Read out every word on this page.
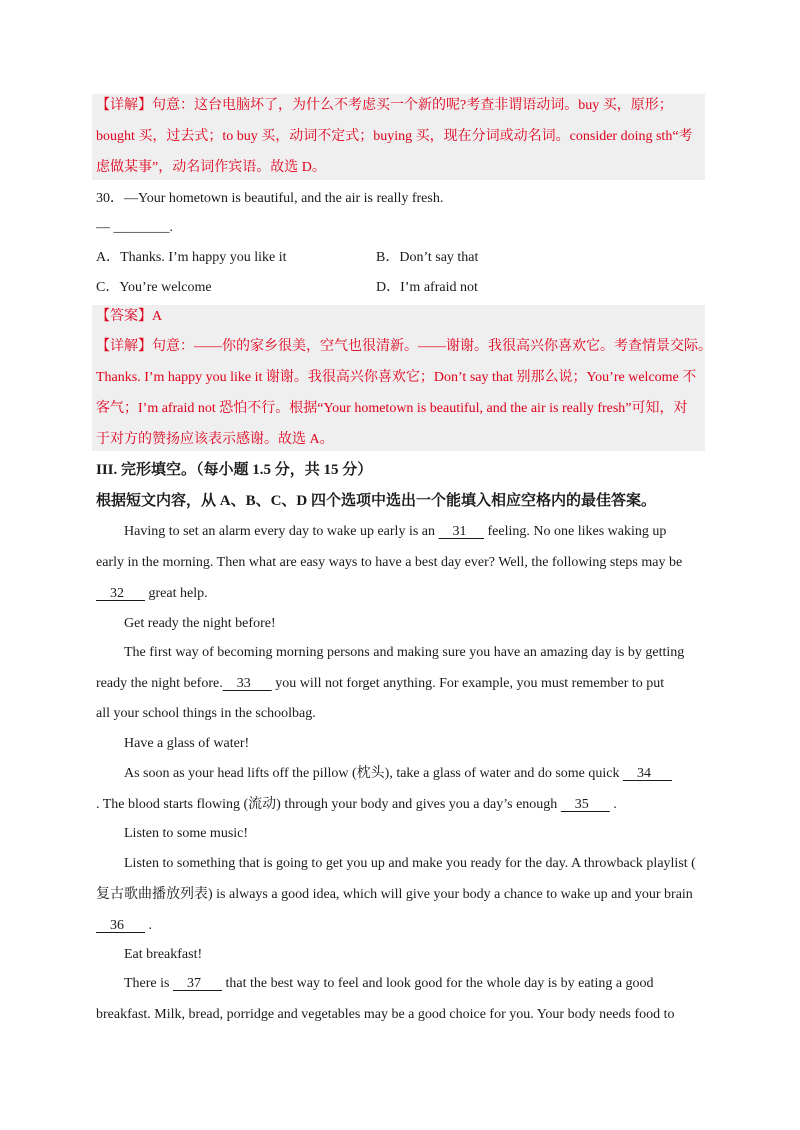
【详解】句意：这台电脑坏了，为什么不考虑买一个新的呢?考查非谓语动词。buy 买，原形；
bought 买，过去式；to buy 买，动词不定式；buying 买，现在分词或动名词。consider doing sth“考
虑做某事”，动名词作宾语。故选 D。
30．—Your hometown is beautiful, and the air is really fresh.
— ________.
A．Thanks. I’m happy you like it	B．Don’t say that
C．You’re welcome	D．I’m afraid not
【答案】A
【详解】句意：——你的家乡很美，空气也很清新。——谢谢。我很高兴你喜欢它。考查情景交际。
Thanks. I’m happy you like it 谢谢。我很高兴你喜欢它；Don’t say that 别那么说；You’re welcome 不
客气；I’m afraid not 恐怕不行。根据“Your hometown is beautiful, and the air is really fresh”可知，对
于对方的赞扬应该表示感谢。故选 A。
III. 完形填空。（每小题 1.5 分，共 15 分）
根据短文内容，从 A、B、C、D 四个选项中选出一个能填入相应空格内的最佳答案。
Having to set an alarm every day to wake up early is an     31      feeling. No one likes waking up
early in the morning. Then what are easy ways to have a best day ever? Well, the following steps may be
32       great help.
Get ready the night before!
The first way of becoming morning persons and making sure you have an amazing day is by getting
ready the night before.    33       you will not forget anything. For example, you must remember to put
all your school things in the schoolbag.
Have a glass of water!
As soon as your head lifts off the pillow (枕头), take a glass of water and do some quick     34
. The blood starts flowing (流动) through your body and gives you a day’s enough     35       .
Listen to some music!
Listen to something that is going to get you up and make you ready for the day. A throwback playlist (
复古歌曲播放列表) is always a good idea, which will give your body a chance to wake up and your brain
36       .
Eat breakfast!
There is     37       that the best way to feel and look good for the whole day is by eating a good
breakfast. Milk, bread, porridge and vegetables may be a good choice for you. Your body needs food to
